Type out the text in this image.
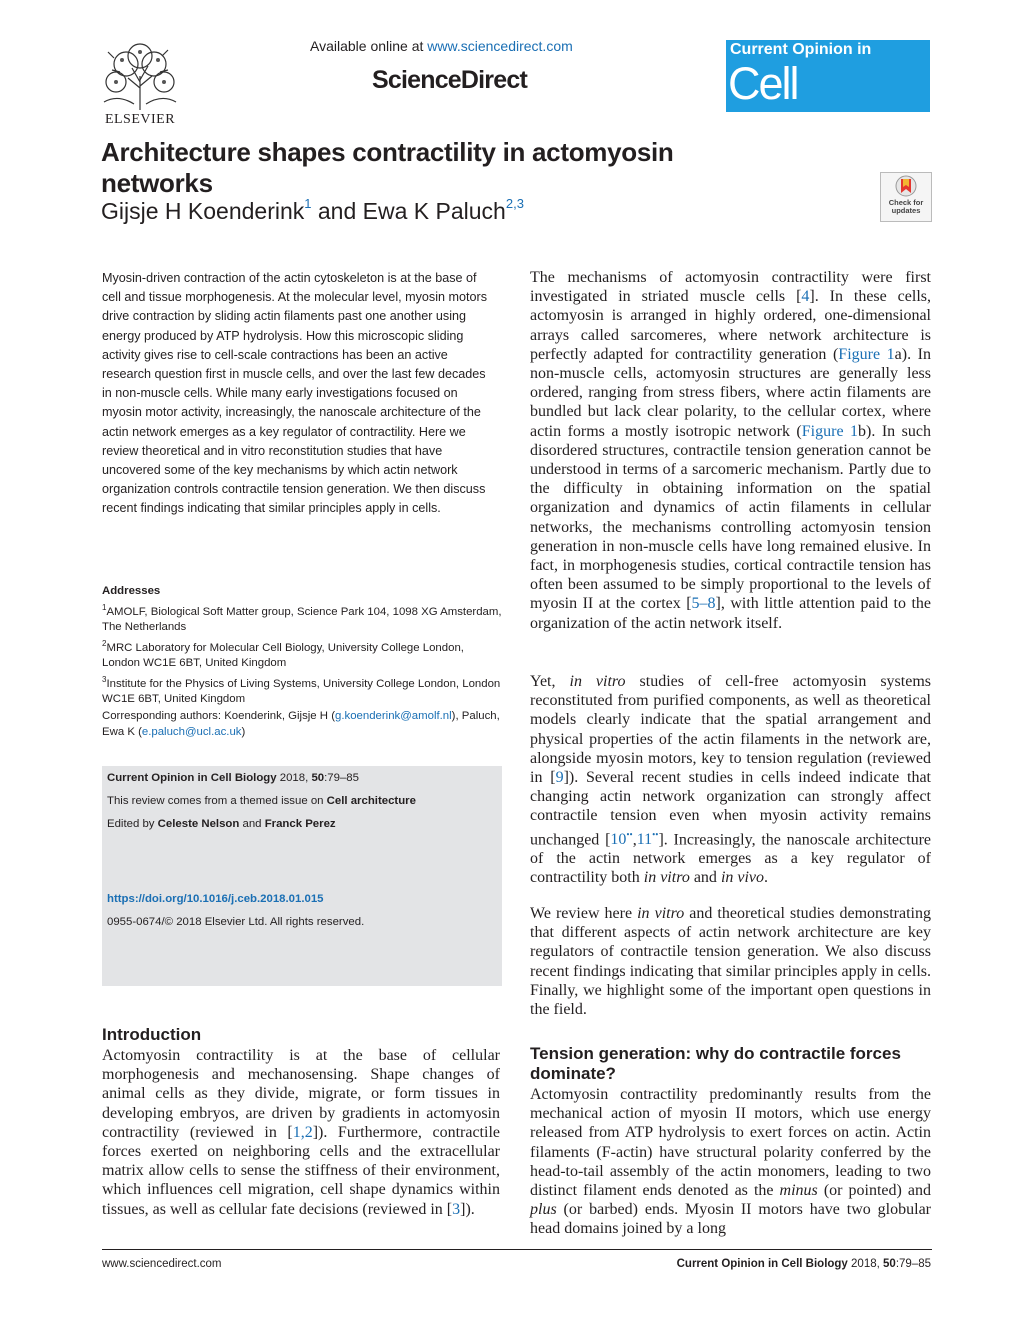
ELSEVIER
Available online at www.sciencedirect.com
ScienceDirect
Current Opinion in
Cell Biology
Architecture shapes contractility in actomyosin networks
Gijsje H Koenderink$^1$ and Ewa K Paluch$^{2,3}$	Check for updates
Myosin-driven contraction of the actin cytoskeleton is at the base of cell and tissue morphogenesis. At the molecular level, myosin motors drive contraction by sliding actin filaments past one another using energy produced by ATP hydrolysis. How this microscopic sliding activity gives rise to cell-scale contractions has been an active research question first in muscle cells, and over the last few decades in non-muscle cells. While many early investigations focused on myosin motor activity, increasingly, the nanoscale architecture of the actin network emerges as a key regulator of contractility. Here we review theoretical and in vitro reconstitution studies that have uncovered some of the key mechanisms by which actin network organization controls contractile tension generation. We then discuss recent findings indicating that similar principles apply in cells.
Addresses
$^1$AMOLF, Biological Soft Matter group, Science Park 104, 1098 XG Amsterdam, The Netherlands
$^2$MRC Laboratory for Molecular Cell Biology, University College London, London WC1E 6BT, United Kingdom
$^3$Institute for the Physics of Living Systems, University College London, London WC1E 6BT, United Kingdom
Corresponding authors: Koenderink, Gijsje H (g.koenderink@amolf.nl), Paluch, Ewa K (e.paluch@ucl.ac.uk)
Current Opinion in Cell Biology 2018, 50:79–85
This review comes from a themed issue on Cell architecture
Edited by Celeste Nelson and Franck Perez
https://doi.org/10.1016/j.ceb.2018.01.015
0955-0674/© 2018 Elsevier Ltd. All rights reserved.
Introduction
Actomyosin contractility is at the base of cellular morphogenesis and mechanosensing. Shape changes of animal cells as they divide, migrate, or form tissues in developing embryos, are driven by gradients in actomyosin contractility (reviewed in [1,2]). Furthermore, contractile forces exerted on neighboring cells and the extracellular matrix allow cells to sense the stiffness of their environment, which influences cell migration, cell shape dynamics within tissues, as well as cellular fate decisions (reviewed in [3]).
The mechanisms of actomyosin contractility were first investigated in striated muscle cells [4]. In these cells, actomyosin is arranged in highly ordered, one-dimensional arrays called sarcomeres, where network architecture is perfectly adapted for contractility generation (Figure 1a). In non-muscle cells, actomyosin structures are generally less ordered, ranging from stress fibers, where actin filaments are bundled but lack clear polarity, to the cellular cortex, where actin forms a mostly isotropic network (Figure 1b). In such disordered structures, contractile tension generation cannot be understood in terms of a sarcomeric mechanism. Partly due to the difficulty in obtaining information on the spatial organization and dynamics of actin filaments in cellular networks, the mechanisms controlling actomyosin tension generation in non-muscle cells have long remained elusive. In fact, in morphogenesis studies, cortical contractile tension has often been assumed to be simply proportional to the levels of myosin II at the cortex [5–8], with little attention paid to the organization of the actin network itself.
Yet, in vitro studies of cell-free actomyosin systems reconstituted from purified components, as well as theoretical models clearly indicate that the spatial arrangement and physical properties of the actin filaments in the network are, alongside myosin motors, key to tension regulation (reviewed in [9]). Several recent studies in cells indeed indicate that changing actin network organization can strongly affect contractile tension even when myosin activity remains unchanged [10••,11••]. Increasingly, the nanoscale architecture of the actin network emerges as a key regulator of contractility both in vitro and in vivo.
We review here in vitro and theoretical studies demonstrating that different aspects of actin network architecture are key regulators of contractile tension generation. We also discuss recent findings indicating that similar principles apply in cells. Finally, we highlight some of the important open questions in the field.
Tension generation: why do contractile forces dominate?
Actomyosin contractility predominantly results from the mechanical action of myosin II motors, which use energy released from ATP hydrolysis to exert forces on actin. Actin filaments (F-actin) have structural polarity conferred by the head-to-tail assembly of the actin monomers, leading to two distinct filament ends denoted as the minus (or pointed) and plus (or barbed) ends. Myosin II motors have two globular head domains joined by a long
www.sciencedirect.com	Current Opinion in Cell Biology 2018, 50:79–85
